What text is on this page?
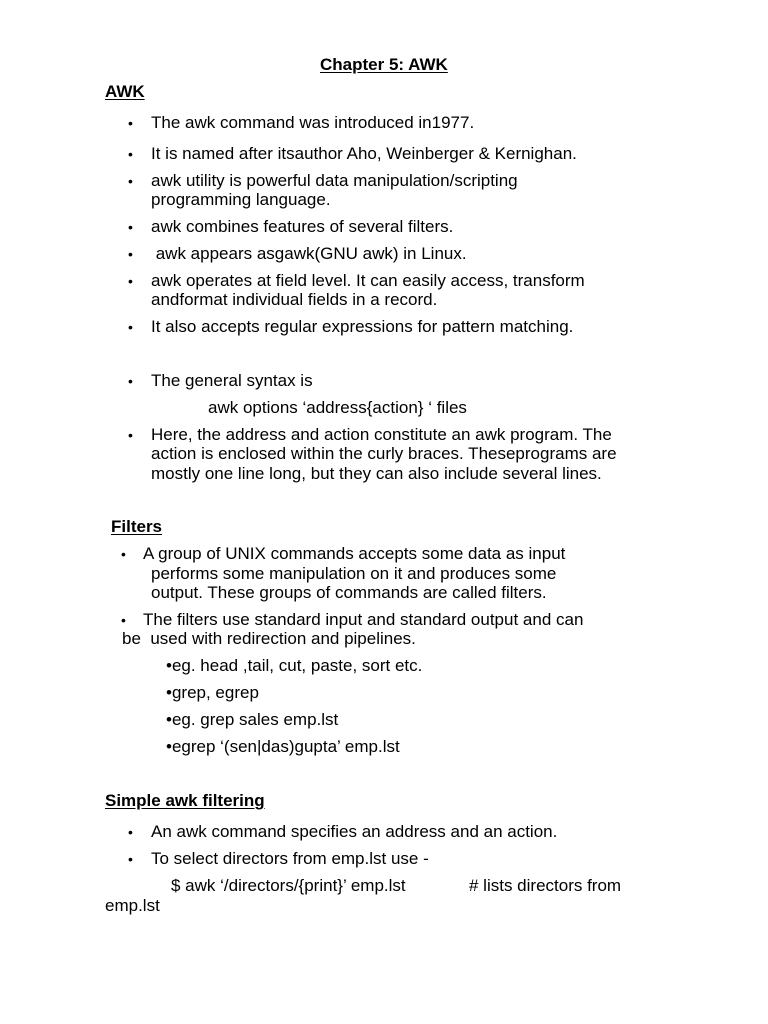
Chapter 5: AWK
AWK
• The awk command was introduced in1977.

• It is named after itsauthor Aho, Weinberger & Kernighan.

• awk utility is powerful data manipulation/scripting

programming language.

• awk combines features of several filters.

• awk appears asgawk(GNU awk) in Linux.

• awk operates at field level. It can easily access, transform

andformat individual fields in a record.

• It also accepts regular expressions for pattern matching.

• The general syntax is

awk options ‘address{action} ‘ files

• Here, the address and action constitute an awk program. The

action is enclosed within the curly braces. Theseprograms are

mostly one line long, but they can also include several lines.

Filters
• A group of UNIX commands accepts some data as input

performs some manipulation on it and produces some

output. These groups of commands are called filters.

• The filters use standard input and standard output and can

be  used with redirection and pipelines.

•eg. head ,tail, cut, paste, sort etc.

•grep, egrep

•eg. grep sales emp.lst

•egrep ‘(sen|das)gupta’ emp.lst

Simple awk filtering
• An awk command specifies an address and an action.

• To select directors from emp.lst use -

$ awk ‘/directors/{print}’ emp.lst	# lists directors from

emp.lst
